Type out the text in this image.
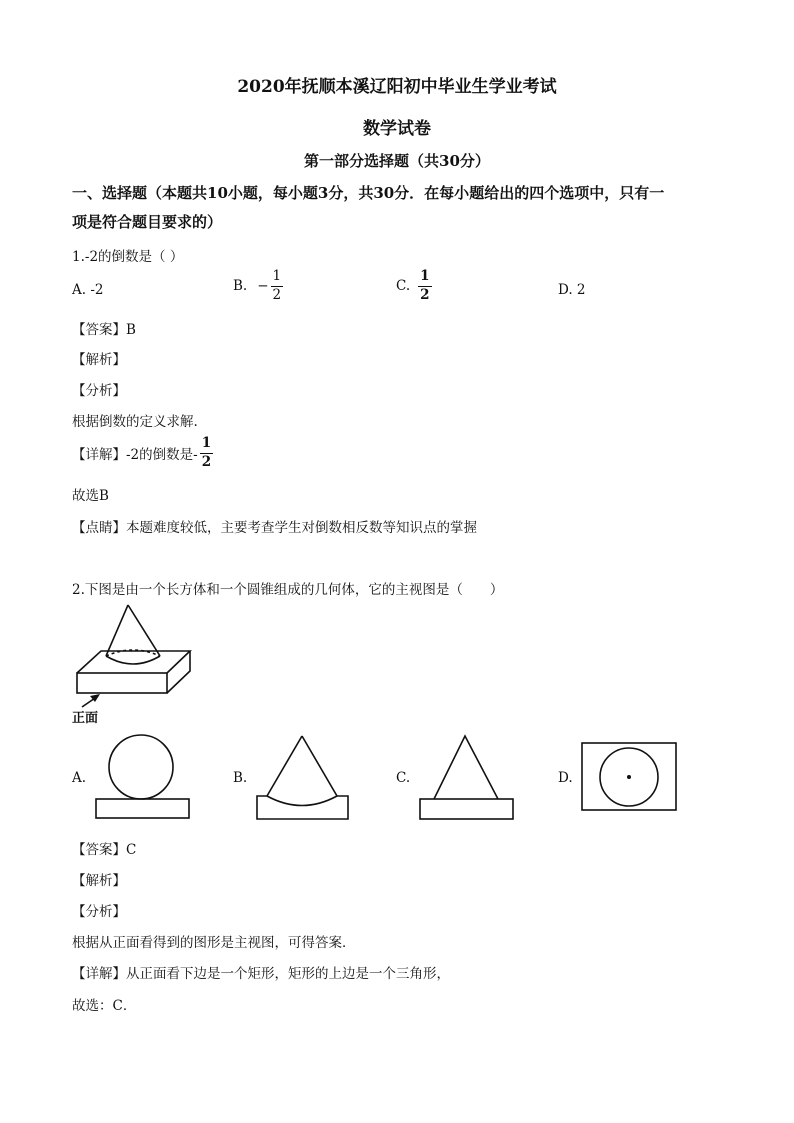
2020年抚顺本溪辽阳初中毕业生学业考试
数学试卷
第一部分选择题（共30分）
一、选择题（本题共10小题，每小题3分，共30分．在每小题给出的四个选项中，只有一
项是符合题目要求的）
1.-2的倒数是（ ）
A. -2	B. − $\frac{1}{2}$	C. $\frac{1}{2}$	D. 2
【答案】B
【解析】
【分析】
根据倒数的定义求解.
【详解】 -2的倒数是- $\frac{1}{2}$
故选B
【点睛】本题难度较低，主要考查学生对倒数相反数等知识点的掌握
2.下图是由一个长方体和一个圆锥组成的几何体，它的主视图是（　　）
正面
A.	B.	C.	D.
【答案】C
【解析】
【分析】
根据从正面看得到的图形是主视图，可得答案．
【详解】从正面看下边是一个矩形，矩形的上边是一个三角形，
故选：C．
